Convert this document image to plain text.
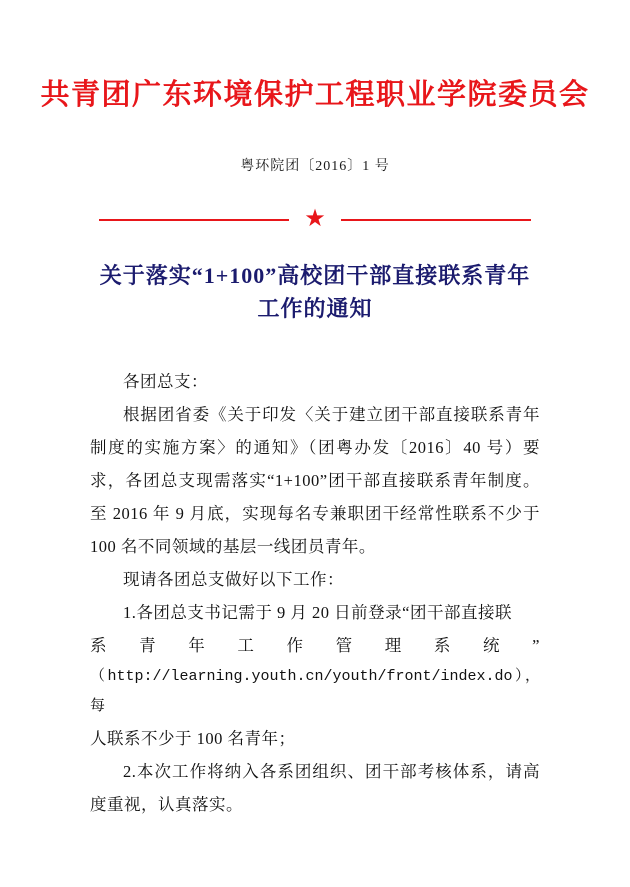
共青团广东环境保护工程职业学院委员会
粤环院团〔2016〕1 号
★
关于落实“1+100”高校团干部直接联系青年工作的通知

各团总支：

根据团省委《关于印发〈关于建立团干部直接联系青年制度的实施方案〉的通知》（团粤办发〔2016〕40 号）要求，各团总支现需落实“1+100”团干部直接联系青年制度。至 2016 年 9 月底，实现每名专兼职团干经常性联系不少于 100 名不同领域的基层一线团员青年。

现请各团总支做好以下工作：

1.各团总支书记需于 9 月 20 日前登录“团干部直接联

系青年工作管理系统”

（http://learning.youth.cn/youth/front/index.do），每

人联系不少于 100 名青年；

2.本次工作将纳入各系团组织、团干部考核体系，请高度重视，认真落实。
